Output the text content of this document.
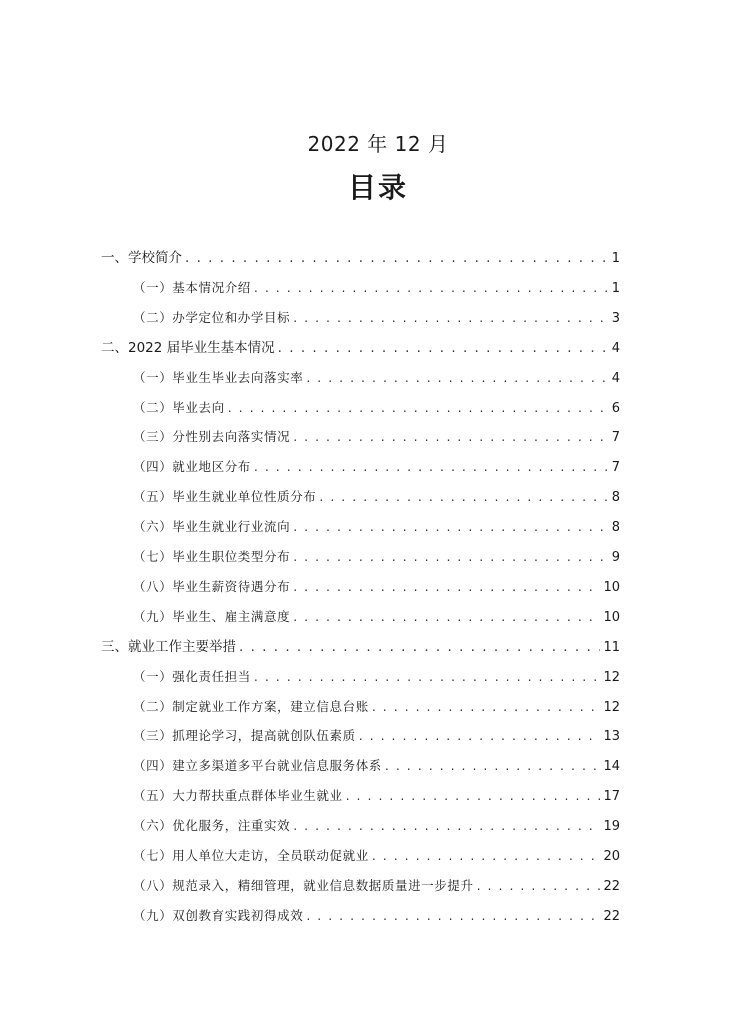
2022 年 12 月
目录
一、学校简介 . . .	1
（一）基本情况介绍 . . .	1
（二）办学定位和办学目标 . . .	3
二、2022 届毕业生基本情况 . . .	4
（一）毕业生毕业去向落实率 . . .	4
（二）毕业去向 . . .	6
（三）分性别去向落实情况 . . .	7
（四）就业地区分布 . . .	7
（五）毕业生就业单位性质分布 . . .	8
（六）毕业生就业行业流向 . . .	8
（七）毕业生职位类型分布 . . .	9
（八）毕业生薪资待遇分布 . . .	10
（九）毕业生、雇主满意度 . . .	10
三、就业工作主要举措 . . .	11
（一）强化责任担当 . . .	12
（二）制定就业工作方案，建立信息台账 . . .	12
（三）抓理论学习，提高就创队伍素质 . . .	13
（四）建立多渠道多平台就业信息服务体系 . . .	14
（五）大力帮扶重点群体毕业生就业 . . .	17
（六）优化服务，注重实效 . . .	19
（七）用人单位大走访，全员联动促就业 . . .	20
（八）规范录入，精细管理，就业信息数据质量进一步提升 . . .	22
（九）双创教育实践初得成效 . . .	22
